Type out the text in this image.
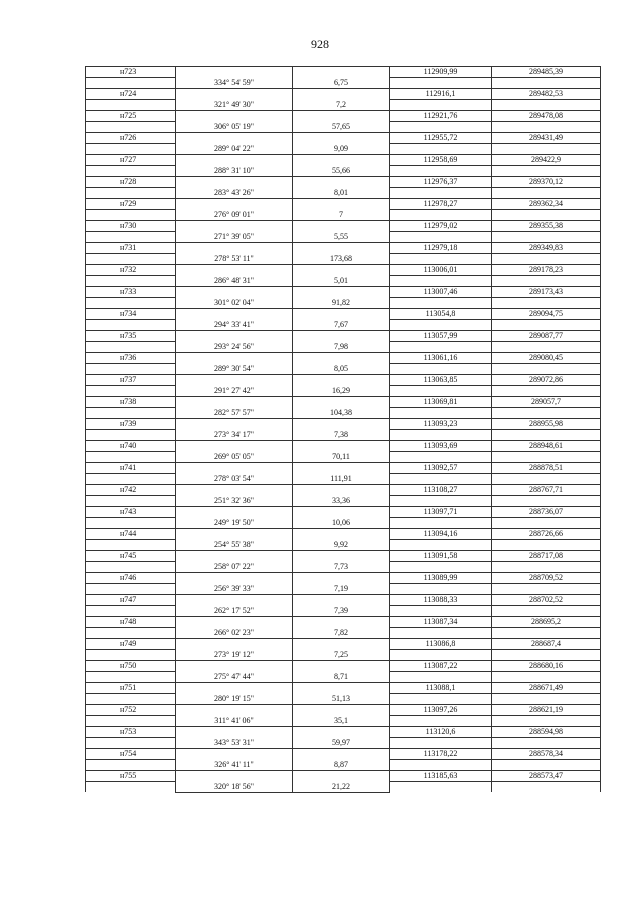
928
н723			112909,99	289485,39
	334° 54' 59"	6,75		
н724			112916,1	289482,53
	321° 49' 30"	7,2		
н725			112921,76	289478,08
	306° 05' 19"	57,65		
н726			112955,72	289431,49
	289° 04' 22"	9,09		
н727			112958,69	289422,9
	288° 31' 10"	55,66		
н728			112976,37	289370,12
	283° 43' 26"	8,01		
н729			112978,27	289362,34
	276° 09' 01"	7		
н730			112979,02	289355,38
	271° 39' 05"	5,55		
н731			112979,18	289349,83
	278° 53' 11"	173,68		
н732			113006,01	289178,23
	286° 48' 31"	5,01		
н733			113007,46	289173,43
	301° 02' 04"	91,82		
н734			113054,8	289094,75
	294° 33' 41"	7,67		
н735			113057,99	289087,77
	293° 24' 56"	7,98		
н736			113061,16	289080,45
	289° 30' 54"	8,05		
н737			113063,85	289072,86
	291° 27' 42"	16,29		
н738			113069,81	289057,7
	282° 57' 57"	104,38		
н739			113093,23	288955,98
	273° 34' 17"	7,38		
н740			113093,69	288948,61
	269° 05' 05"	70,11		
н741			113092,57	288878,51
	278° 03' 54"	111,91		
н742			113108,27	288767,71
	251° 32' 36"	33,36		
н743			113097,71	288736,07
	249° 19' 50"	10,06		
н744			113094,16	288726,66
	254° 55' 38"	9,92		
н745			113091,58	288717,08
	258° 07' 22"	7,73		
н746			113089,99	288709,52
	256° 39' 33"	7,19		
н747			113088,33	288702,52
	262° 17' 52"	7,39		
н748			113087,34	288695,2
	266° 02' 23"	7,82		
н749			113086,8	288687,4
	273° 19' 12"	7,25		
н750			113087,22	288680,16
	275° 47' 44"	8,71		
н751			113088,1	288671,49
	280° 19' 15"	51,13		
н752			113097,26	288621,19
	311° 41' 06"	35,1		
н753			113120,6	288594,98
	343° 53' 31"	59,97		
н754			113178,22	288578,34
	326° 41' 11"	8,87		
н755			113185,63	288573,47
	320° 18' 56"	21,22		
